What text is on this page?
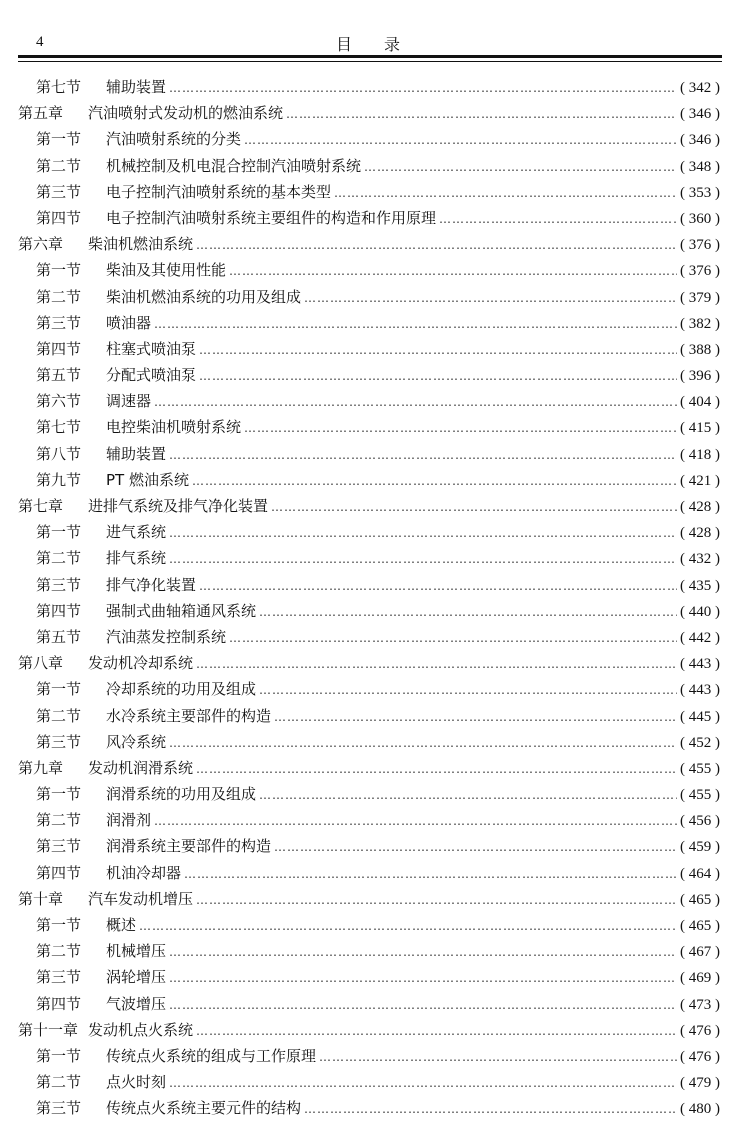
4	目录
第七节	辅助装置 ……………………………………………………………………………………………………………………………………………………………………………………………………………………………………	( 342 )
第五章	汽油喷射式发动机的燃油系统 ……………………………………………………………………………………………………………………………………………………………………………………………………………………………………	( 346 )
第一节	汽油喷射系统的分类 ……………………………………………………………………………………………………………………………………………………………………………………………………………………………………	( 346 )
第二节	机械控制及机电混合控制汽油喷射系统 ……………………………………………………………………………………………………………………………………………………………………………………………………………………………………	( 348 )
第三节	电子控制汽油喷射系统的基本类型 ……………………………………………………………………………………………………………………………………………………………………………………………………………………………………	( 353 )
第四节	电子控制汽油喷射系统主要组件的构造和作用原理 ……………………………………………………………………………………………………………………………………………………………………………………………………………………………………	( 360 )
第六章	柴油机燃油系统 ……………………………………………………………………………………………………………………………………………………………………………………………………………………………………	( 376 )
第一节	柴油及其使用性能 ……………………………………………………………………………………………………………………………………………………………………………………………………………………………………	( 376 )
第二节	柴油机燃油系统的功用及组成 ……………………………………………………………………………………………………………………………………………………………………………………………………………………………………	( 379 )
第三节	喷油器 ……………………………………………………………………………………………………………………………………………………………………………………………………………………………………	( 382 )
第四节	柱塞式喷油泵 ……………………………………………………………………………………………………………………………………………………………………………………………………………………………………	( 388 )
第五节	分配式喷油泵 ……………………………………………………………………………………………………………………………………………………………………………………………………………………………………	( 396 )
第六节	调速器 ……………………………………………………………………………………………………………………………………………………………………………………………………………………………………	( 404 )
第七节	电控柴油机喷射系统 ……………………………………………………………………………………………………………………………………………………………………………………………………………………………………	( 415 )
第八节	辅助装置 ……………………………………………………………………………………………………………………………………………………………………………………………………………………………………	( 418 )
第九节	PT 燃油系统 ……………………………………………………………………………………………………………………………………………………………………………………………………………………………………	( 421 )
第七章	进排气系统及排气净化装置 ……………………………………………………………………………………………………………………………………………………………………………………………………………………………………	( 428 )
第一节	进气系统 ……………………………………………………………………………………………………………………………………………………………………………………………………………………………………	( 428 )
第二节	排气系统 ……………………………………………………………………………………………………………………………………………………………………………………………………………………………………	( 432 )
第三节	排气净化装置 ……………………………………………………………………………………………………………………………………………………………………………………………………………………………………	( 435 )
第四节	强制式曲轴箱通风系统 ……………………………………………………………………………………………………………………………………………………………………………………………………………………………………	( 440 )
第五节	汽油蒸发控制系统 ……………………………………………………………………………………………………………………………………………………………………………………………………………………………………	( 442 )
第八章	发动机冷却系统 ……………………………………………………………………………………………………………………………………………………………………………………………………………………………………	( 443 )
第一节	冷却系统的功用及组成 ……………………………………………………………………………………………………………………………………………………………………………………………………………………………………	( 443 )
第二节	水冷系统主要部件的构造 ……………………………………………………………………………………………………………………………………………………………………………………………………………………………………	( 445 )
第三节	风冷系统 ……………………………………………………………………………………………………………………………………………………………………………………………………………………………………	( 452 )
第九章	发动机润滑系统 ……………………………………………………………………………………………………………………………………………………………………………………………………………………………………	( 455 )
第一节	润滑系统的功用及组成 ……………………………………………………………………………………………………………………………………………………………………………………………………………………………………	( 455 )
第二节	润滑剂 ……………………………………………………………………………………………………………………………………………………………………………………………………………………………………	( 456 )
第三节	润滑系统主要部件的构造 ……………………………………………………………………………………………………………………………………………………………………………………………………………………………………	( 459 )
第四节	机油冷却器 ……………………………………………………………………………………………………………………………………………………………………………………………………………………………………	( 464 )
第十章	汽车发动机增压 ……………………………………………………………………………………………………………………………………………………………………………………………………………………………………	( 465 )
第一节	概述 ……………………………………………………………………………………………………………………………………………………………………………………………………………………………………	( 465 )
第二节	机械增压 ……………………………………………………………………………………………………………………………………………………………………………………………………………………………………	( 467 )
第三节	涡轮增压 ……………………………………………………………………………………………………………………………………………………………………………………………………………………………………	( 469 )
第四节	气波增压 ……………………………………………………………………………………………………………………………………………………………………………………………………………………………………	( 473 )
第十一章 发动机点火系统 ……………………………………………………………………………………………………………………………………………………………………………………………………………………………………	( 476 )
第一节	传统点火系统的组成与工作原理 ……………………………………………………………………………………………………………………………………………………………………………………………………………………………………	( 476 )
第二节	点火时刻 ……………………………………………………………………………………………………………………………………………………………………………………………………………………………………	( 479 )
第三节	传统点火系统主要元件的结构 ……………………………………………………………………………………………………………………………………………………………………………………………………………………………………	( 480 )
